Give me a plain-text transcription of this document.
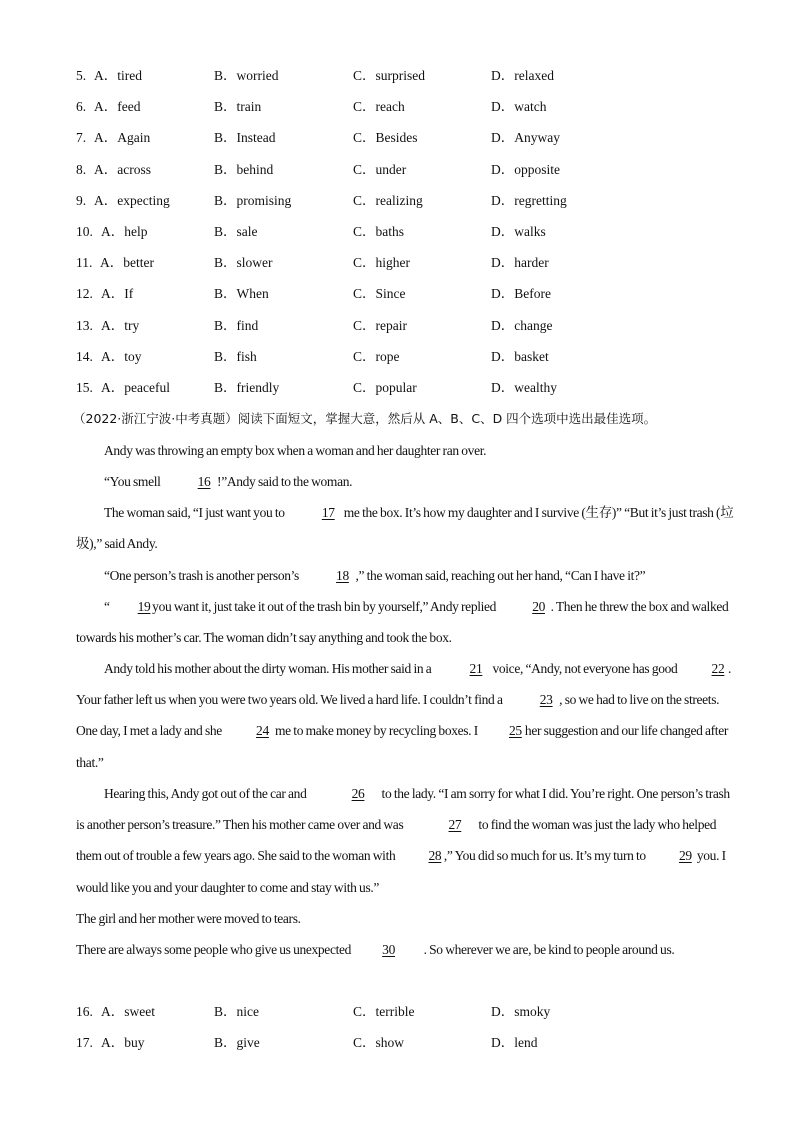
5. A．tired	B．worried	C．surprised	D．relaxed
6. A．feed	B．train	C．reach	D．watch
7. A．Again	B．Instead	C．Besides	D．Anyway
8. A．across	B．behind	C．under	D．opposite
9. A．expecting	B．promising	C．realizing	D．regretting
10. A．help	B．sale	C．baths	D．walks
11. A．better	B．slower	C．higher	D．harder
12. A．If	B．When	C．Since	D．Before
13. A．try	B．find	C．repair	D．change
14. A．toy	B．fish	C．rope	D．basket
15. A．peaceful	B．friendly	C．popular	D．wealthy
16. A．sweet	B．nice	C．terrible	D．smoky
17. A．buy	B．give	C．show	D．lend
（2022·浙江宁波·中考真题）阅读下面短文，掌握大意，然后从 A、B、C、D 四个选项中选出最佳选项。
Andy was throwing an empty box when a woman and her daughter ran over.
“You smell	16 !”Andy said to the woman.
The woman said, “I just want you to	17 me the box. It’s how my daughter and I survive (生存)” “But it’s just trash (垃圾),” said Andy.
“One person’s trash is another person’s	18 ,” the woman said, reaching out her hand, “Can I have it?”
“ 19 you want it, just take it out of the trash bin by yourself,” Andy replied 20 . Then he threw the box and walked towards his mother’s car. The woman didn’t say anything and took the box.
Andy told his mother about the dirty woman. His mother said in a	21 voice, “Andy, not everyone has good 22 . Your father left us when you were two years old. We lived a hard life. I couldn’t find a	23 , so we had to live on the streets. One day, I met a lady and she 24 me to make money by recycling boxes. I 25 her suggestion and our life changed after that.”
Hearing this, Andy got out of the car and	26 to the lady. “I am sorry for what I did. You’re right. One person’s trash is another person’s treasure.” Then his mother came over and was	27 to find the woman was just the lady who helped them out of trouble a few years ago. She said to the woman with 28 ,” You did so much for us. It’s my turn to 29 you. I would like you and your daughter to come and stay with us.”
The girl and her mother were moved to tears.
There are always some people who give us unexpected 30 . So wherever we are, be kind to people around us.
